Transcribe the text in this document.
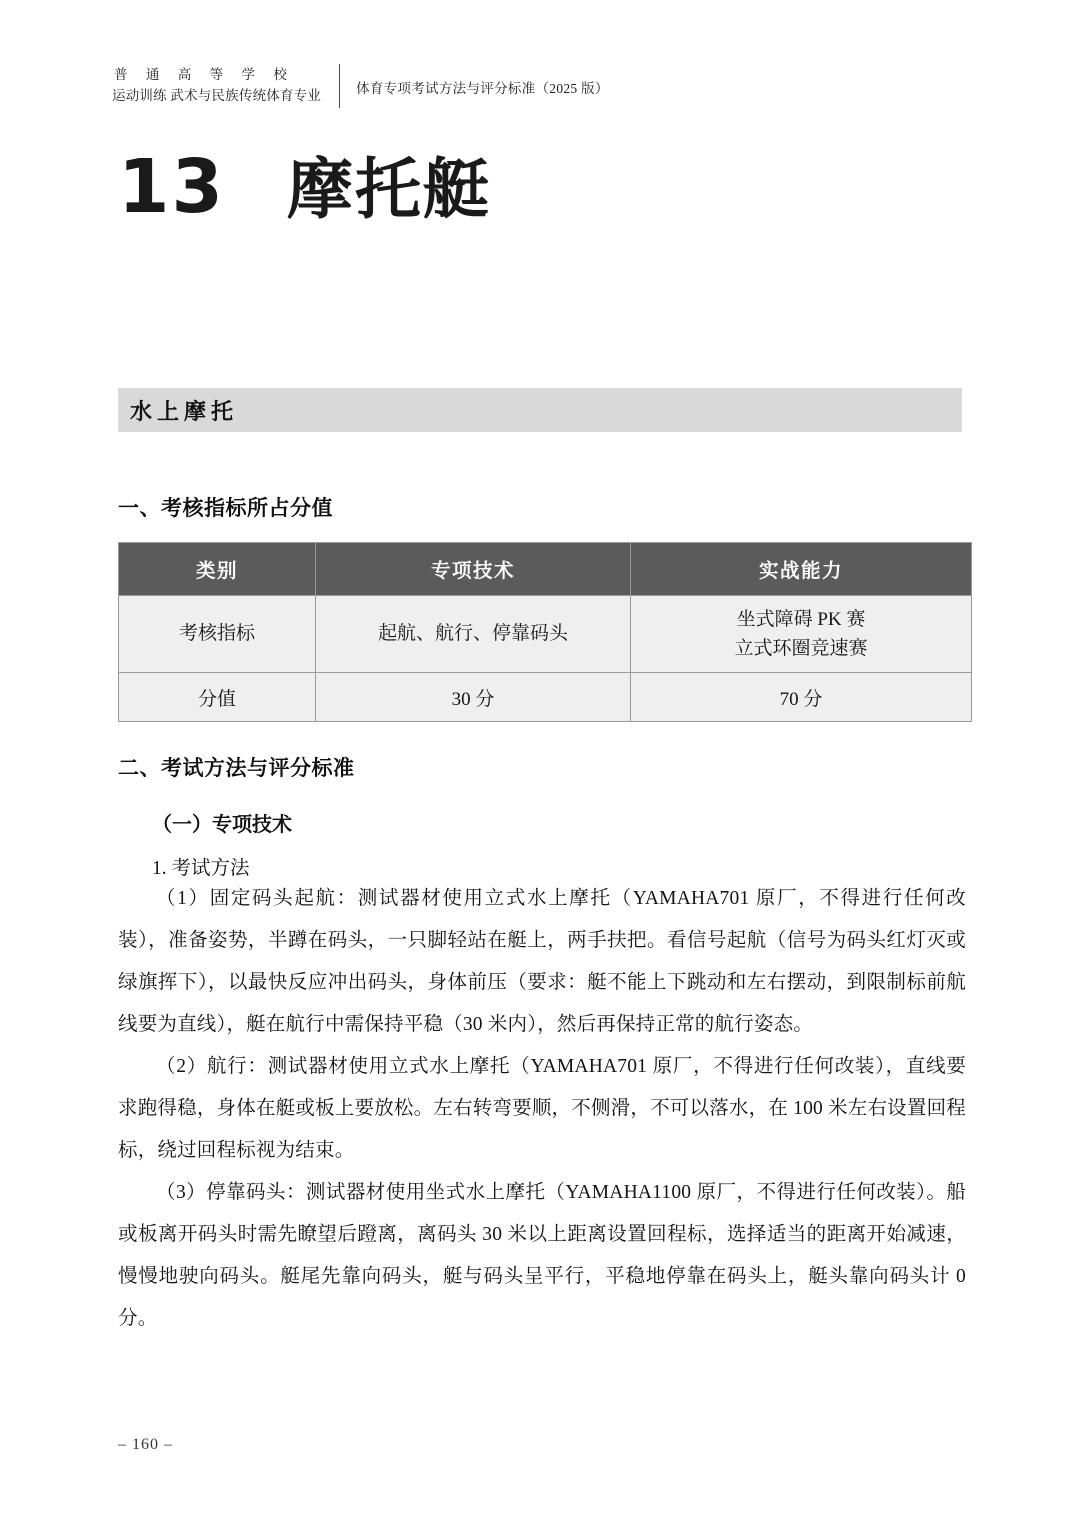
普 通 高 等 学 校
运动训练 武术与民族传统体育专业	体育专项考试方法与评分标准（2025 版）
13 摩托艇
水上摩托
一、考核指标所占分值
类别	专项技术	实战能力
考核指标	起航、航行、停靠码头	坐式障碍 PK 赛
立式环圈竞速赛

分值	30 分	70 分
二、考试方法与评分标准
（一）专项技术
1. 考试方法

（1）固定码头起航：测试器材使用立式水上摩托（YAMAHA701 原厂，不得进行任何改装），准备姿势，半蹲在码头，一只脚轻站在艇上，两手扶把。看信号起航（信号为码头红灯灭或绿旗挥下），以最快反应冲出码头，身体前压（要求：艇不能上下跳动和左右摆动，到限制标前航线要为直线），艇在航行中需保持平稳（30 米内），然后再保持正常的航行姿态。

（2）航行：测试器材使用立式水上摩托（YAMAHA701 原厂，不得进行任何改装），直线要求跑得稳，身体在艇或板上要放松。左右转弯要顺，不侧滑，不可以落水，在 100 米左右设置回程标，绕过回程标视为结束。

（3）停靠码头：测试器材使用坐式水上摩托（YAMAHA1100 原厂，不得进行任何改装）。船或板离开码头时需先瞭望后蹬离，离码头 30 米以上距离设置回程标，选择适当的距离开始减速，慢慢地驶向码头。艇尾先靠向码头，艇与码头呈平行，平稳地停靠在码头上，艇头靠向码头计 0 分。

– 160 –
